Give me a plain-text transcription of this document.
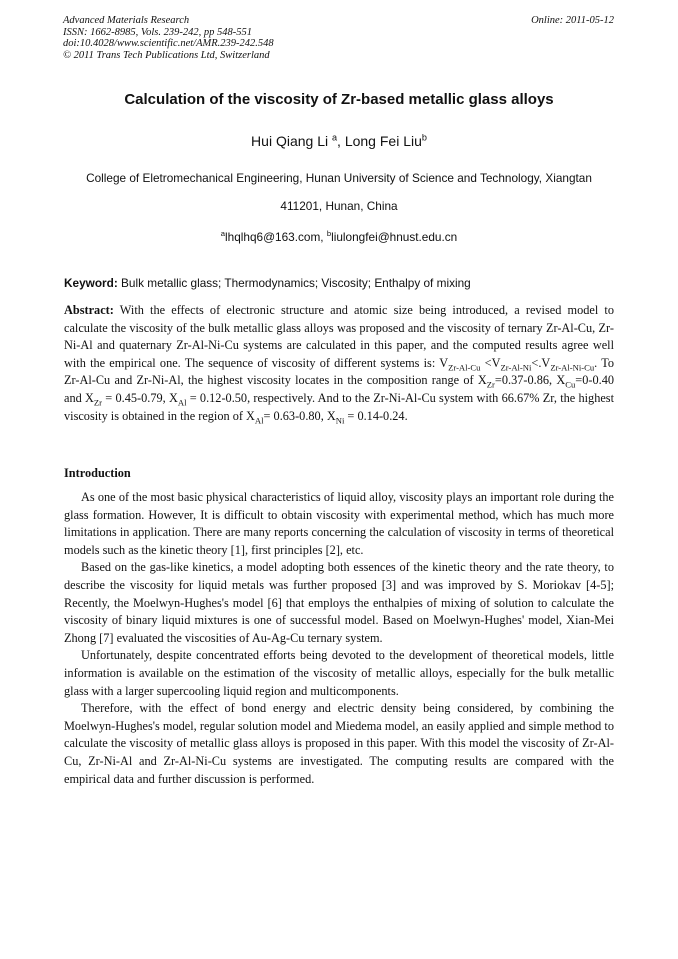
Advanced Materials Research
ISSN: 1662-8985, Vols. 239-242, pp 548-551
doi:10.4028/www.scientific.net/AMR.239-242.548
© 2011 Trans Tech Publications Ltd, Switzerland
Online: 2011-05-12
Calculation of the viscosity of Zr-based metallic glass alloys
Hui Qiang Li $^a$, Long Fei Liu$^b$
College of Eletromechanical Engineering, Hunan University of Science and Technology, Xiangtan
411201, Hunan, China
$^a$lhqlhq6@163.com, $^b$liulongfei@hnust.edu.cn
Keyword: Bulk metallic glass; Thermodynamics; Viscosity; Enthalpy of mixing
Abstract: With the effects of electronic structure and atomic size being introduced, a revised model to calculate the viscosity of the bulk metallic glass alloys was proposed and the viscosity of ternary Zr-Al-Cu, Zr-Ni-Al and quaternary Zr-Al-Ni-Cu systems are calculated in this paper, and the computed results agree well with the empirical one. The sequence of viscosity of different systems is: $V_{Zr-Al-Cu} <V_{Zr-Al-Ni}<.V_{Zr-Al-Ni-Cu}$. To Zr-Al-Cu and Zr-Ni-Al, the highest viscosity locates in the composition range of $X_{Zr}=0.37-0.86$, $X_{Cu}=0-0.40$ and $X_{Zr} = 0.45-0.79$, $X_{Al} = 0.12-0.50$, respectively. And to the Zr-Ni-Al-Cu system with 66.67% Zr, the highest viscosity is obtained in the region of $X_{Al}= 0.63-0.80$, $X_{Ni} = 0.14-0.24$.
Introduction

As one of the most basic physical characteristics of liquid alloy, viscosity plays an important role during the glass formation. However, It is difficult to obtain viscosity with experimental method, which has much more limitations in application. There are many reports concerning the calculation of viscosity in terms of theoretical models such as the kinetic theory [1], first principles [2], etc.

Based on the gas-like kinetics, a model adopting both essences of the kinetic theory and the rate theory, to describe the viscosity for liquid metals was further proposed [3] and was improved by S. Moriokav [4-5]; Recently, the Moelwyn-Hughes's model [6] that employs the enthalpies of mixing of solution to calculate the viscosity of binary liquid mixtures is one of successful model. Based on Moelwyn-Hughes' model, Xian-Mei Zhong [7] evaluated the viscosities of Au-Ag-Cu ternary system.

Unfortunately, despite concentrated efforts being devoted to the development of theoretical models, little information is available on the estimation of the viscosity of metallic alloys, especially for the bulk metallic glass with a larger supercooling liquid region and multicomponents.

Therefore, with the effect of bond energy and electric density being considered, by combining the Moelwyn-Hughes's model, regular solution model and Miedema model, an easily applied and simple method to calculate the viscosity of metallic glass alloys is proposed in this paper. With this model the viscosity of Zr-Al-Cu, Zr-Ni-Al and Zr-Al-Ni-Cu systems are investigated. The computing results are compared with the empirical data and further discussion is performed.
